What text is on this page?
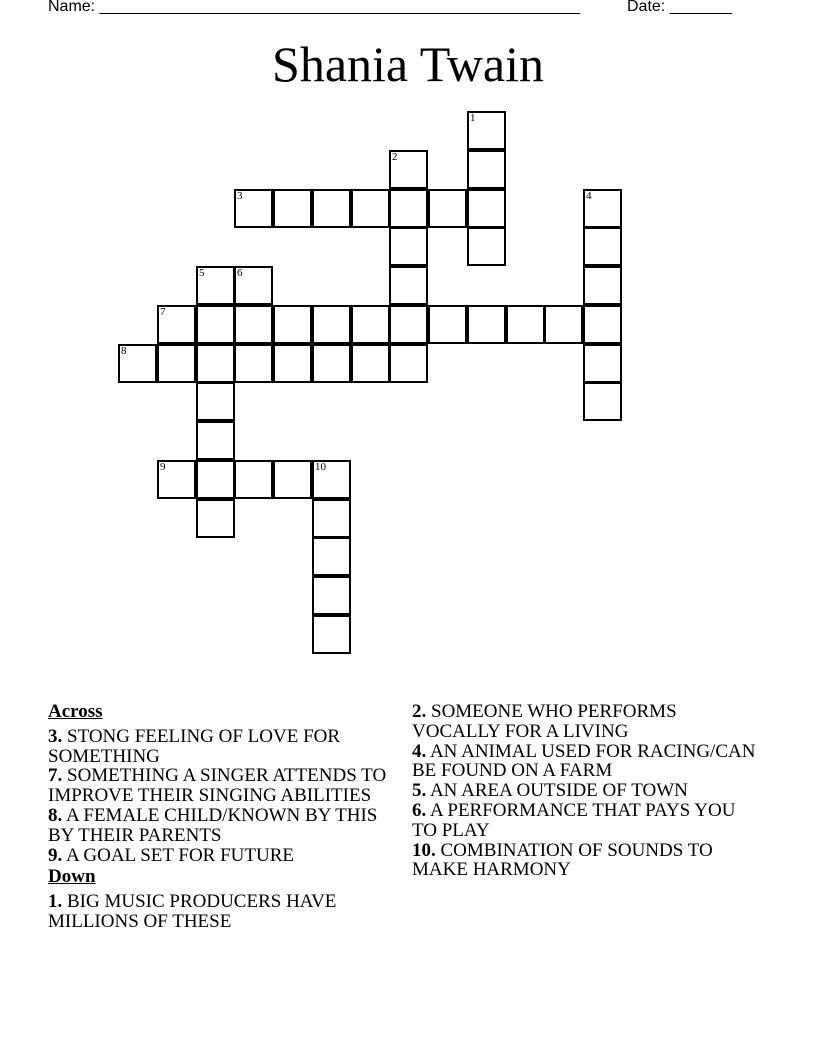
Name: ______________________________________________________	Date: _______
Shania Twain
1
2
3	4
5	6
7
8
9	10
Across
3. STONG FEELING OF LOVE FOR SOMETHING
7. SOMETHING A SINGER ATTENDS TO IMPROVE THEIR SINGING ABILITIES
8. A FEMALE CHILD/KNOWN BY THIS BY THEIR PARENTS
9. A GOAL SET FOR FUTURE
Down
1. BIG MUSIC PRODUCERS HAVE MILLIONS OF THESE
2. SOMEONE WHO PERFORMS VOCALLY FOR A LIVING
4. AN ANIMAL USED FOR RACING/CAN BE FOUND ON A FARM
5. AN AREA OUTSIDE OF TOWN
6. A PERFORMANCE THAT PAYS YOU TO PLAY
10. COMBINATION OF SOUNDS TO MAKE HARMONY
